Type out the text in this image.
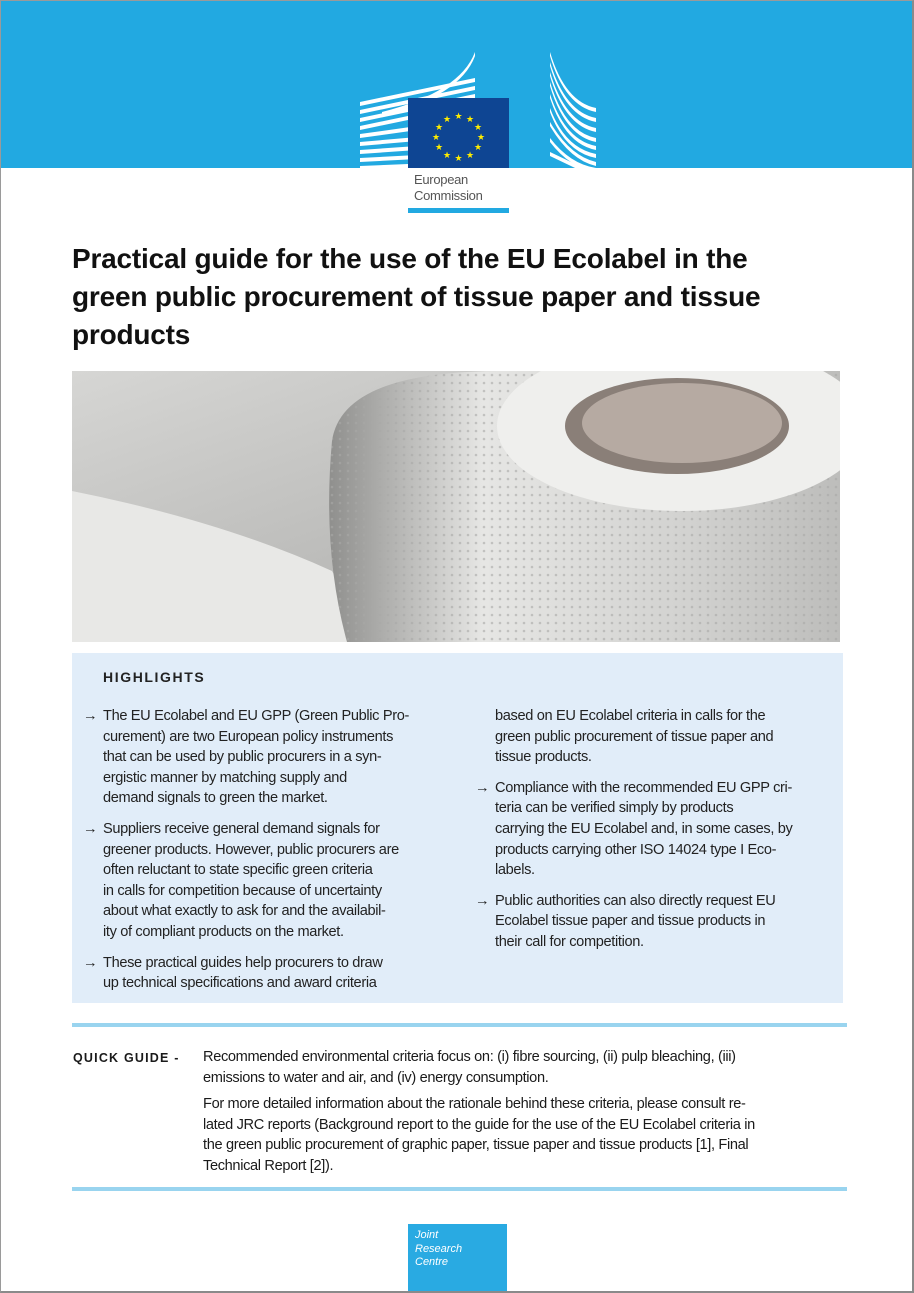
★ ★
★
★
★
★
★
★
★
★
★
★
European
Commission
Practical guide for the use of the EU Ecolabel in the
green public procurement of tissue paper and tissue
products
HIGHLIGHTS
→ The EU Ecolabel and EU GPP (Green Public Pro-
curement) are two European policy instruments
that can be used by public procurers in a syn-
ergistic manner by matching supply and
demand signals to green the market.
→ Suppliers receive general demand signals for
greener products. However, public procurers are
often reluctant to state specific green criteria
in calls for competition because of uncertainty
about what exactly to ask for and the availabil-
ity of compliant products on the market.
→ These practical guides help procurers to draw
up technical specifications and award criteria
based on EU Ecolabel criteria in calls for the
green public procurement of tissue paper and
tissue products.
→ Compliance with the recommended EU GPP cri-
teria can be verified simply by products
carrying the EU Ecolabel and, in some cases, by
products carrying other ISO 14024 type I Eco-
labels.
→ Public authorities can also directly request EU
Ecolabel tissue paper and tissue products in
their call for competition.
QUICK GUIDE - Recommended environmental criteria focus on: (i) fibre sourcing, (ii) pulp bleaching, (iii)
emissions to water and air, and (iv) energy consumption.

For more detailed information about the rationale behind these criteria, please consult re-
lated JRC reports (Background report to the guide for the use of the EU Ecolabel criteria in
the green public procurement of graphic paper, tissue paper and tissue products [1], Final
Technical Report [2]).

Joint
Research
Centre
